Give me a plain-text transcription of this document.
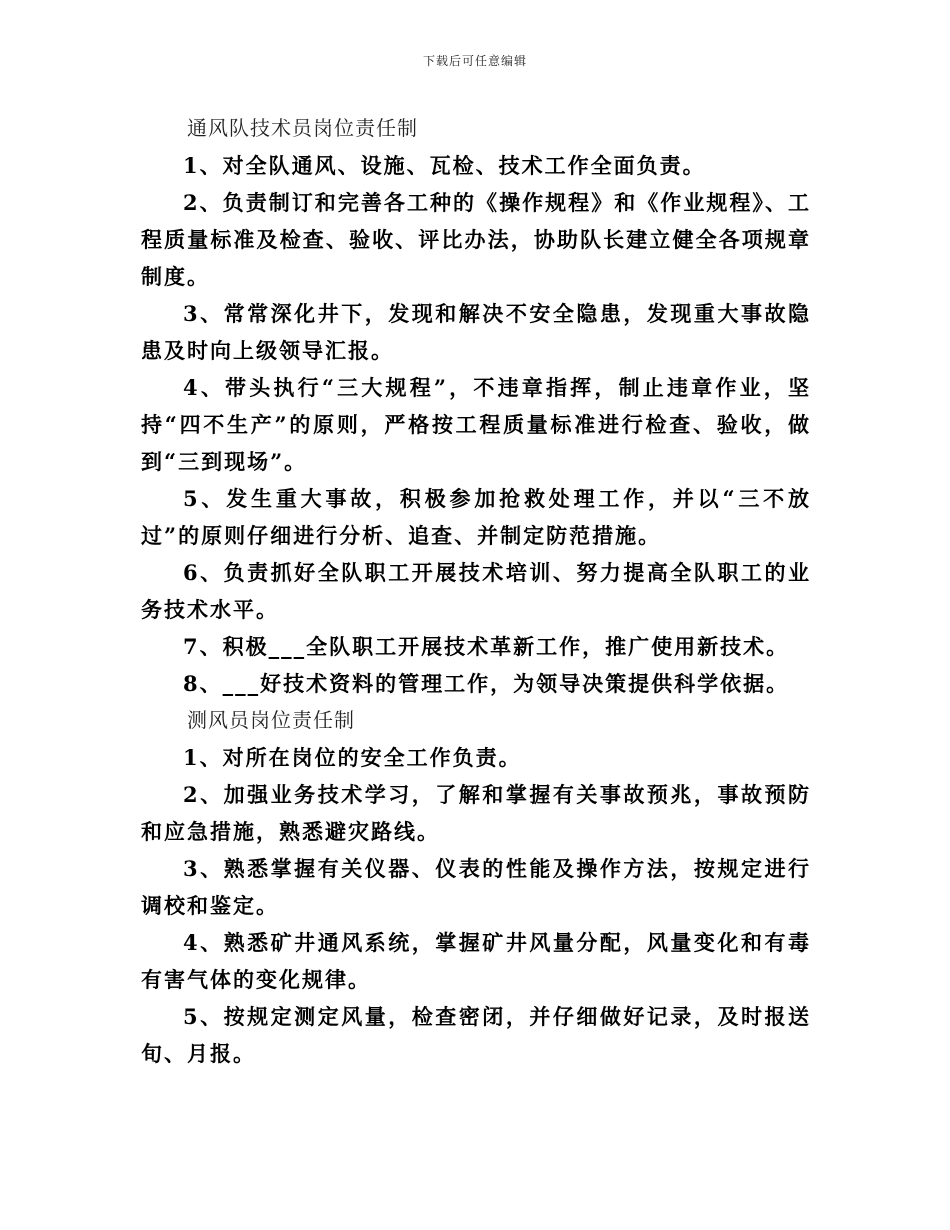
下载后可任意编辑
通风队技术员岗位责任制

1、对全队通风、设施、瓦检、技术工作全面负责。

2、负责制订和完善各工种的《操作规程》和《作业规程》、工程质量标准及检查、验收、评比办法，协助队长建立健全各项规章制度。

3、常常深化井下，发现和解决不安全隐患，发现重大事故隐患及时向上级领导汇报。

4、带头执行“三大规程”，不违章指挥，制止违章作业，坚持“四不生产”的原则，严格按工程质量标准进行检查、验收，做到“三到现场”。

5、发生重大事故，积极参加抢救处理工作，并以“三不放过”的原则仔细进行分析、追查、并制定防范措施。

6、负责抓好全队职工开展技术培训、努力提高全队职工的业务技术水平。

7、积极___全队职工开展技术革新工作，推广使用新技术。

8、___好技术资料的管理工作，为领导决策提供科学依据。

测风员岗位责任制

1、对所在岗位的安全工作负责。

2、加强业务技术学习，了解和掌握有关事故预兆，事故预防和应急措施，熟悉避灾路线。

3、熟悉掌握有关仪器、仪表的性能及操作方法，按规定进行调校和鉴定。

4、熟悉矿井通风系统，掌握矿井风量分配，风量变化和有毒有害气体的变化规律。

5、按规定测定风量，检查密闭，并仔细做好记录，及时报送旬、月报。
